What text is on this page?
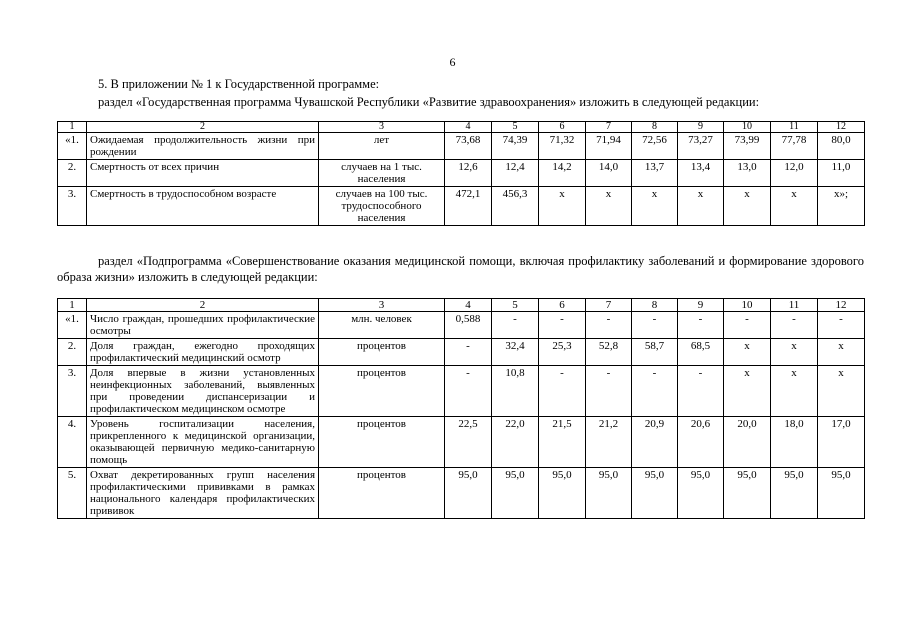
6
5. В приложении № 1 к Государственной программе:
раздел «Государственная программа Чувашской Республики «Развитие здравоохранения» изложить в следующей редакции:
1	2	3	4	5	6	7	8	9	10	11	12
«1.	Ожидаемая продолжительность жизни при рождении	лет	73,68	74,39	71,32	71,94	72,56	73,27	73,99	77,78	80,0
2.	Смертность от всех причин	случаев на 1 тыс. населения	12,6	12,4	14,2	14,0	13,7	13,4	13,0	12,0	11,0
3.	Смертность в трудоспособном возрасте	случаев на 100 тыс. трудоспособного населения	472,1	456,3	х	х	х	х	х	х	х»;
раздел «Подпрограмма «Совершенствование оказания медицинской помощи, включая профилактику заболеваний и формирование здорового образа жизни» изложить в следующей редакции:
1	2	3	4	5	6	7	8	9	10	11	12
«1.	Число граждан, прошедших профилактические осмотры	млн. человек	0,588	-	-	-	-	-	-	-	-
2.	Доля граждан, ежегодно проходящих профилактический медицинский осмотр	процентов	-	32,4	25,3	52,8	58,7	68,5	х	х	х
3.	Доля впервые в жизни установленных неинфекционных заболеваний, выявленных при проведении диспансеризации и профилактическом медицинском осмотре	процентов	-	10,8	-	-	-	-	х	х	х
4.	Уровень госпитализации населения, прикрепленного к медицинской организации, оказывающей первичную медико-санитарную помощь	процентов	22,5	22,0	21,5	21,2	20,9	20,6	20,0	18,0	17,0
5.	Охват декретированных групп населения профилактическими прививками в рамках национального календаря профилактических прививок	процентов	95,0	95,0	95,0	95,0	95,0	95,0	95,0	95,0	95,0
